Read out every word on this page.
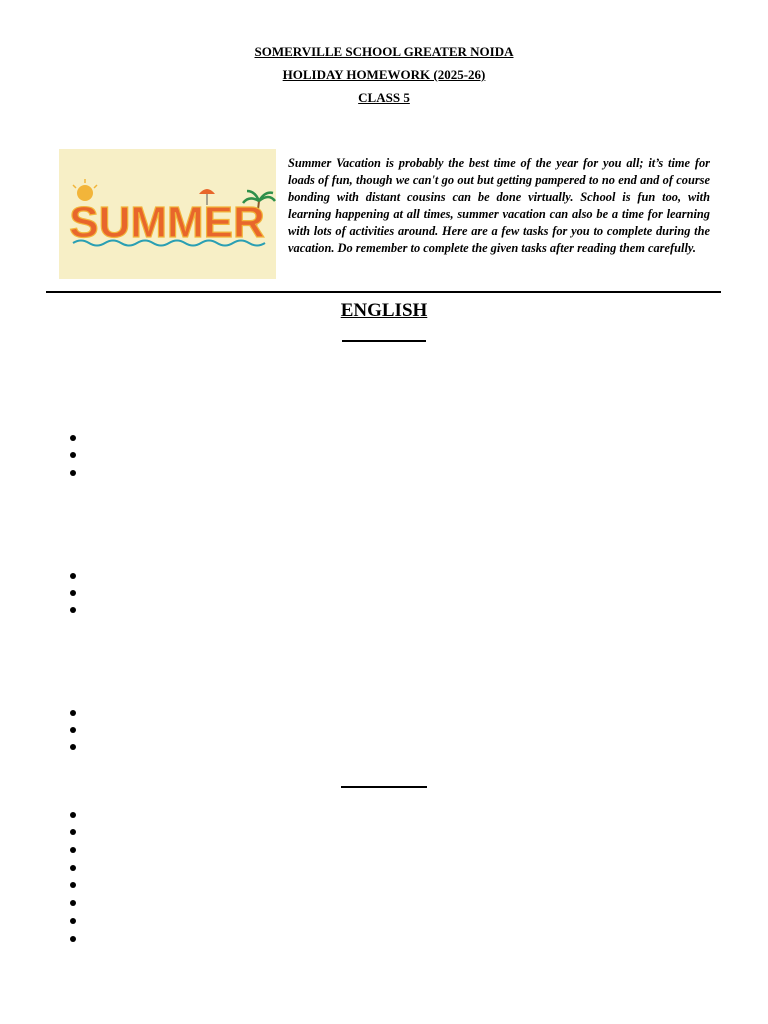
SOMERVILLE SCHOOL GREATER NOIDA
HOLIDAY HOMEWORK (2025-26)
CLASS 5
SUMMER

Summer Vacation is probably the best time of the year for you all; it’s time for loads of fun, though we can't go out but getting pampered to no end and of course bonding with distant cousins can be done virtually. School is fun too, with learning happening at all times, summer vacation can also be a time for learning with lots of activities around. Here are a few tasks for you to complete during the vacation. Do remember to complete the given tasks after reading them carefully.

ENGLISH
